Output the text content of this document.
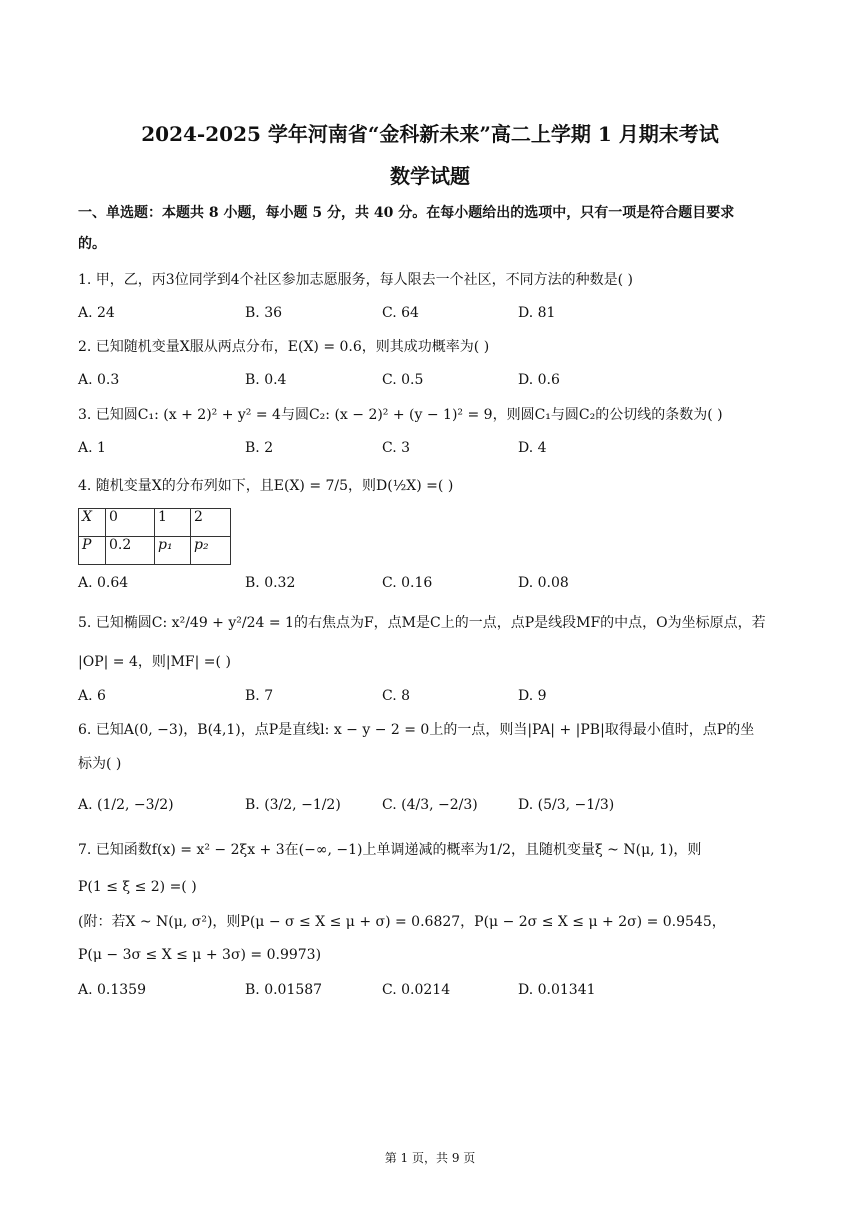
2024-2025 学年河南省“金科新未来”高二上学期 1 月期末考试
数学试题
一、单选题：本题共 8 小题，每小题 5 分，共 40 分。在每小题给出的选项中，只有一项是符合题目要求
的。
1. 甲，乙，丙3位同学到4个社区参加志愿服务，每人限去一个社区，不同方法的种数是( )
A. 24	B. 36	C. 64	D. 81
2. 已知随机变量X服从两点分布，E(X) = 0.6，则其成功概率为( )
A. 0.3	B. 0.4	C. 0.5	D. 0.6
3. 已知圆C₁: (x + 2)² + y² = 4与圆C₂: (x − 2)² + (y − 1)² = 9，则圆C₁与圆C₂的公切线的条数为( )
A. 1	B. 2	C. 3	D. 4
4. 随机变量X的分布列如下，且E(X) = 7/5，则D(½X) =( )
X	0	1	2
P	0.2	p₁	p₂
A. 0.64	B. 0.32	C. 0.16	D. 0.08
5. 已知椭圆C: x²/49 + y²/24 = 1的右焦点为F，点M是C上的一点，点P是线段MF的中点，O为坐标原点，若
|OP| = 4，则|MF| =( )
A. 6	B. 7	C. 8	D. 9
6. 已知A(0, −3)，B(4,1)，点P是直线l: x − y − 2 = 0上的一点，则当|PA| + |PB|取得最小值时，点P的坐
标为( )
A. (1/2, −3/2)	B. (3/2, −1/2)	C. (4/3, −2/3)	D. (5/3, −1/3)
7. 已知函数f(x) = x² − 2ξx + 3在(−∞, −1)上单调递减的概率为1/2，且随机变量ξ ~ N(μ, 1)，则
P(1 ≤ ξ ≤ 2) =( )
(附：若X ~ N(μ, σ²)，则P(μ − σ ≤ X ≤ μ + σ) = 0.6827，P(μ − 2σ ≤ X ≤ μ + 2σ) = 0.9545，
P(μ − 3σ ≤ X ≤ μ + 3σ) = 0.9973)
A. 0.1359	B. 0.01587	C. 0.0214	D. 0.01341
第 1 页，共 9 页
